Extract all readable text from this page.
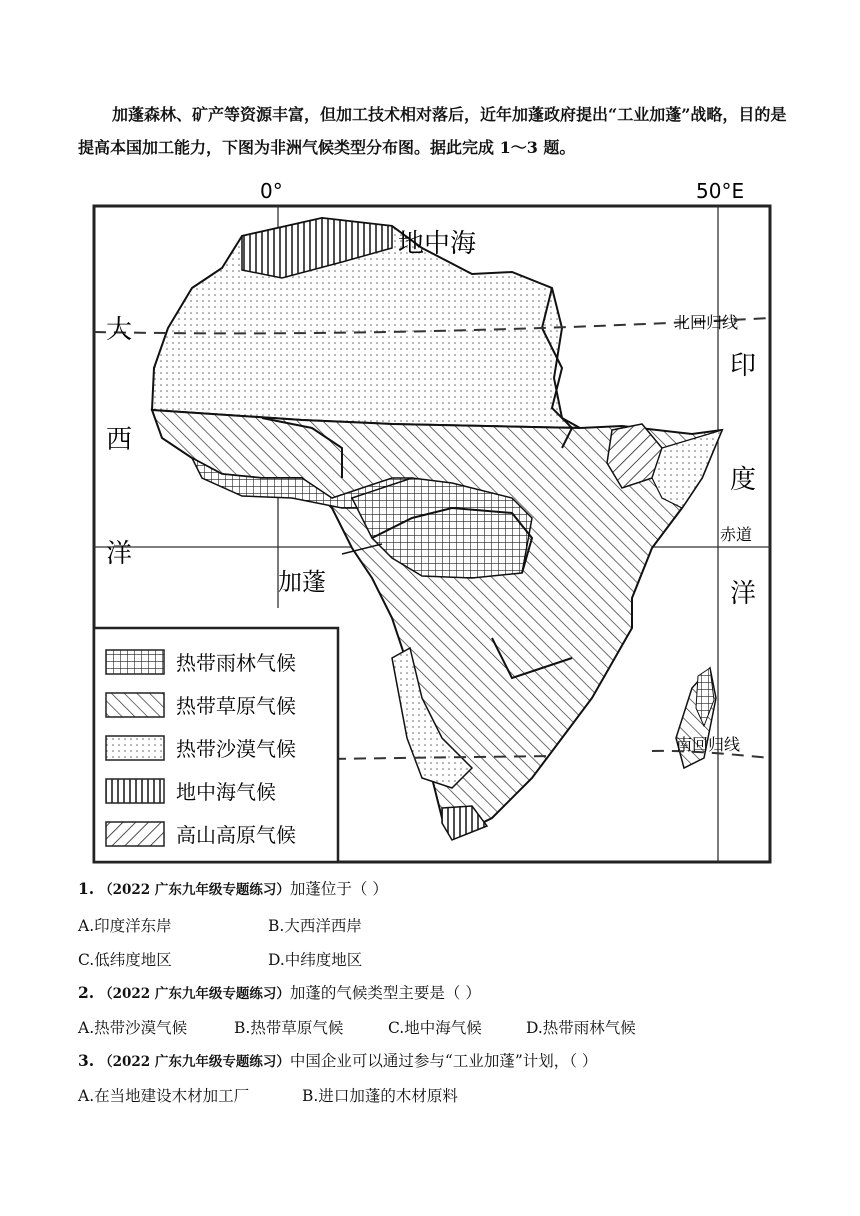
加蓬森林、矿产等资源丰富，但加工技术相对落后，近年加蓬政府提出“工业加蓬”战略，目的是提高本国加工能力，下图为非洲气候类型分布图。据此完成 1～3 题。
0°	50°E
地中海
大
西
洋
印
度
洋
北回归线
南回归线
赤道
加蓬
热带雨林气候
热带草原气候
热带沙漠气候
地中海气候
高山高原气候
1. （2022 广东九年级专题练习）加蓬位于（ ）
A.印度洋东岸	B.大西洋西岸
C.低纬度地区	D.中纬度地区
2. （2022 广东九年级专题练习）加蓬的气候类型主要是（ ）
A.热带沙漠气候	B.热带草原气候	C.地中海气候	D.热带雨林气候
3. （2022 广东九年级专题练习）中国企业可以通过参与“工业加蓬”计划，（ ）
A.在当地建设木材加工厂	B.进口加蓬的木材原料
